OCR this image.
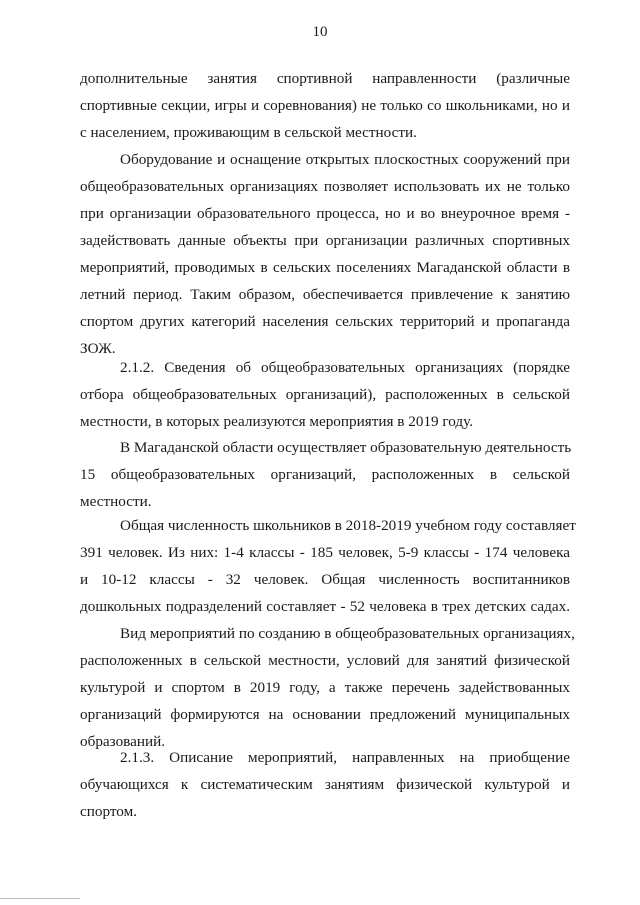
10
дополнительные занятия спортивной направленности (различные
спортивные секции, игры и соревнования) не только со школьниками, но и
с населением, проживающим в сельской местности.
Оборудование и оснащение открытых плоскостных сооружений при
общеобразовательных организациях позволяет использовать их не только
при организации образовательного процесса, но и во внеурочное время -
задействовать данные объекты при организации различных спортивных
мероприятий, проводимых в сельских поселениях Магаданской области в
летний период. Таким образом, обеспечивается привлечение к занятию
спортом других категорий населения сельских территорий и пропаганда
ЗОЖ.
2.1.2. Сведения об общеобразовательных организациях (порядке
отбора общеобразовательных организаций), расположенных в сельской
местности, в которых реализуются мероприятия в 2019 году.
В Магаданской области осуществляет образовательную деятельность
15 общеобразовательных организаций, расположенных в сельской
местности.
Общая численность школьников в 2018-2019 учебном году составляет
391 человек. Из них: 1-4 классы - 185 человек, 5-9 классы - 174 человека
и 10-12 классы - 32 человек. Общая численность воспитанников
дошкольных подразделений составляет - 52 человека в трех детских садах.
Вид мероприятий по созданию в общеобразовательных организациях,
расположенных в сельской местности, условий для занятий физической
культурой и спортом в 2019 году, а также перечень задействованных
организаций формируются на основании предложений муниципальных
образований.
2.1.3. Описание мероприятий, направленных на приобщение
обучающихся к систематическим занятиям физической культурой и
спортом.
